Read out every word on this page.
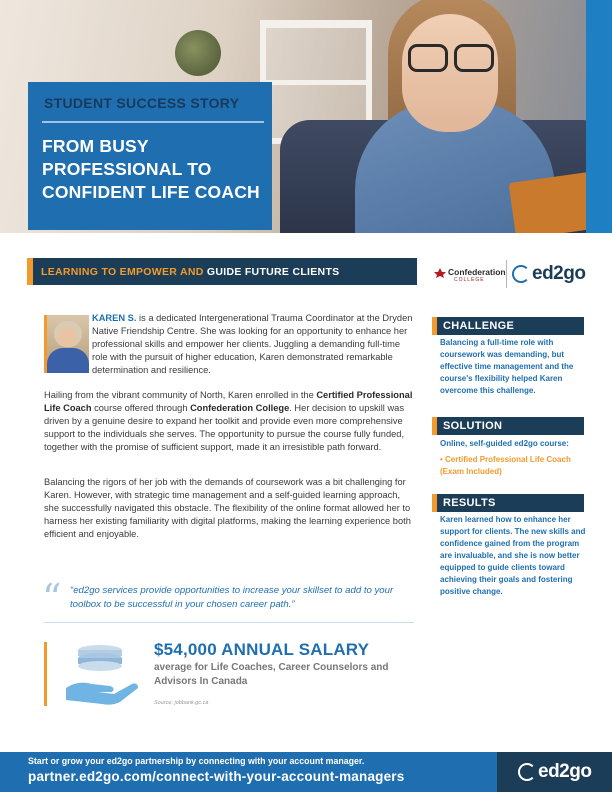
STUDENT SUCCESS STORY
FROM BUSY PROFESSIONAL TO CONFIDENT LIFE COACH
LEARNING TO EMPOWER AND GUIDE FUTURE CLIENTS	Confederation
COLLEGE ed2go

KAREN S. is a dedicated Intergenerational Trauma Coordinator at the Dryden Native Friendship Centre. She was looking for an opportunity to enhance her professional skills and empower her clients. Juggling a demanding full-time role with the pursuit of higher education, Karen demonstrated remarkable determination and resilience.

Hailing from the vibrant community of North, Karen enrolled in the Certified Professional Life Coach course offered through Confederation College. Her decision to upskill was driven by a genuine desire to expand her toolkit and provide even more comprehensive support to the individuals she serves. The opportunity to pursue the course fully funded, together with the promise of sufficient support, made it an irresistible path forward.

Balancing the rigors of her job with the demands of coursework was a bit challenging for Karen. However, with strategic time management and a self-guided learning approach, she successfully navigated this obstacle. The flexibility of the online format allowed her to harness her existing familiarity with digital platforms, making the learning experience both efficient and enjoyable.

“ “ed2go services provide opportunities to increase your skillset to add to your toolbox to be successful in your chosen career path.”
$54,000 ANNUAL SALARY
average for Life Coaches, Career Counselors and Advisors In Canada
Source: jobbank.gc.ca
CHALLENGE

Balancing a full-time role with coursework was demanding, but effective time management and the course's flexibility helped Karen overcome this challenge.

SOLUTION

Online, self-guided ed2go course:

• Certified Professional Life Coach (Exam Included)

RESULTS

Karen learned how to enhance her support for clients. The new skills and confidence gained from the program are invaluable, and she is now better equipped to guide clients toward achieving their goals and fostering positive change.

Start or grow your ed2go partnership by connecting with your account manager.
partner.ed2go.com/connect-with-your-account-managers	ed2go
